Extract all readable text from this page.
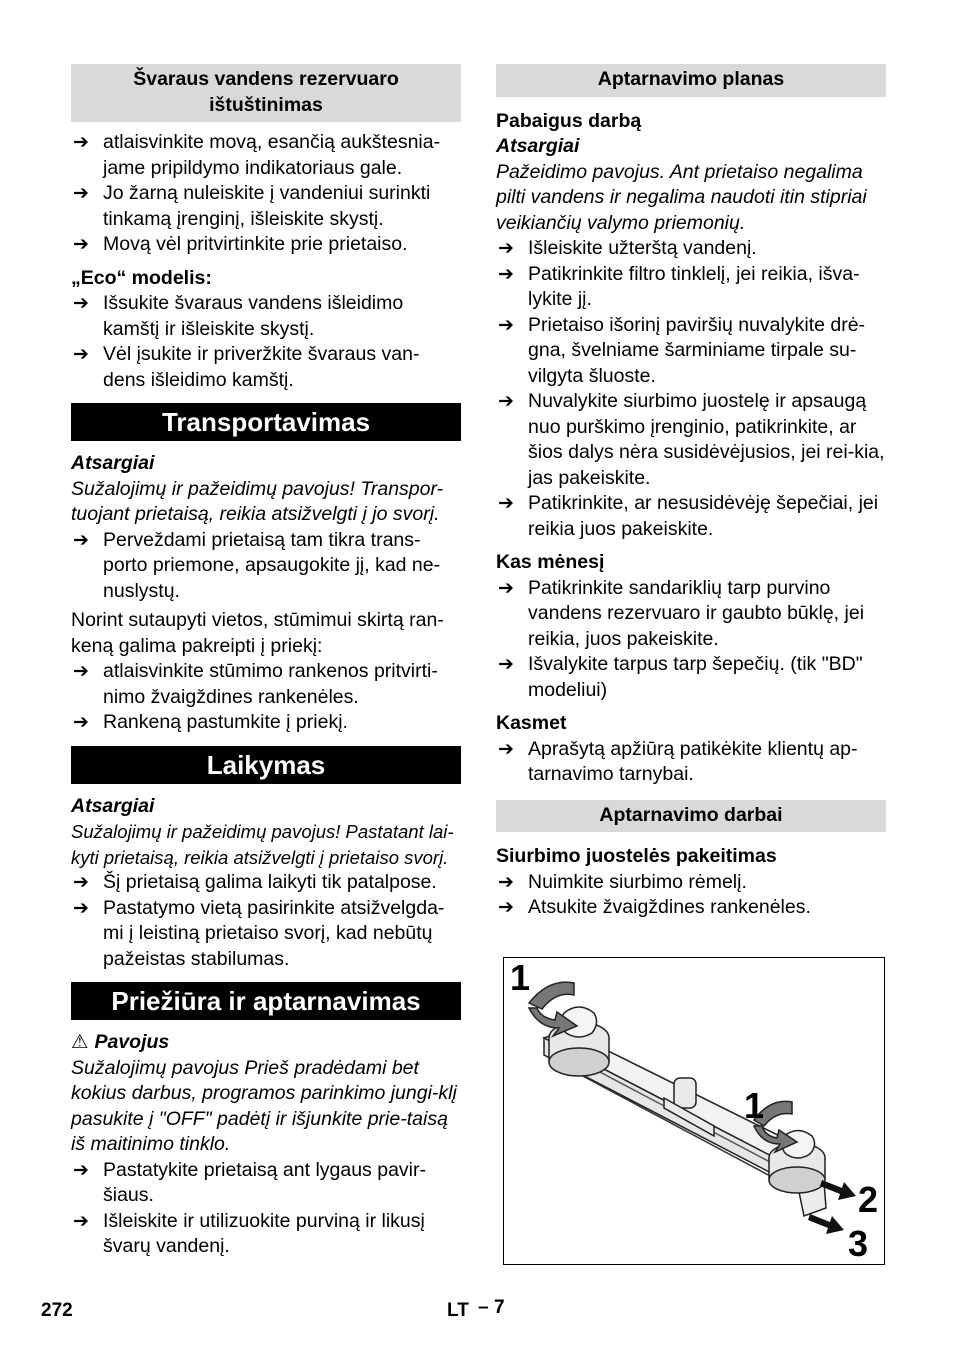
Švaraus vandens rezervuaro ištuštinimas
➔ atlaisvinkite movą, esančią aukštesnia-jame pripildymo indikatoriaus gale.
➔ Jo žarną nuleiskite į vandeniui surinkti tinkamą įrenginį, išleiskite skystį.
➔ Movą vėl pritvirtinkite prie prietaiso.
„Eco“ modelis:
➔ Išsukite švaraus vandens išleidimo kamštį ir išleiskite skystį.
➔ Vėl įsukite ir priveržkite švaraus van-dens išleidimo kamštį.
Transportavimas
Atsargiai

Sužalojimų ir pažeidimų pavojus! Transpor-tuojant prietaisą, reikia atsižvelgti į jo svorį.

➔ Perveždami prietaisą tam tikra trans-porto priemone, apsaugokite jį, kad ne-nuslystų.

Norint sutaupyti vietos, stūmimui skirtą ran-keną galima pakreipti į priekį:

➔ atlaisvinkite stūmimo rankenos pritvirti-nimo žvaigždines rankenėles.
➔ Rankeną pastumkite į priekį.
Laikymas
Atsargiai

Sužalojimų ir pažeidimų pavojus! Pastatant lai-kyti prietaisą, reikia atsižvelgti į prietaiso svorį.

➔ Šį prietaisą galima laikyti tik patalpose.
➔ Pastatymo vietą pasirinkite atsižvelgda-mi į leistiną prietaiso svorį, kad nebūtų pažeistas stabilumas.
Priežiūra ir aptarnavimas
⚠ Pavojus

Sužalojimų pavojus Prieš pradėdami bet kokius darbus, programos parinkimo jungi-klį pasukite į "OFF" padėtį ir išjunkite prie-taisą iš maitinimo tinklo.

➔ Pastatykite prietaisą ant lygaus pavir-šiaus.
➔ Išleiskite ir utilizuokite purviną ir likusį švarų vandenį.
Aptarnavimo planas
Pabaigus darbą
Atsargiai

Pažeidimo pavojus. Ant prietaiso negalima pilti vandens ir negalima naudoti itin stipriai veikiančių valymo priemonių.

➔ Išleiskite užterštą vandenį.
➔ Patikrinkite filtro tinklelį, jei reikia, išva-lykite jį.
➔ Prietaiso išorinį paviršių nuvalykite drė-gna, švelniame šarminiame tirpale su-vilgyta šluoste.
➔ Nuvalykite siurbimo juostelę ir apsaugą nuo purškimo įrenginio, patikrinkite, ar šios dalys nėra susidėvėjusios, jei rei-kia, jas pakeiskite.
➔ Patikrinkite, ar nesusidėvėję šepečiai, jei reikia juos pakeiskite.
Kas mėnesį
➔ Patikrinkite sandariklių tarp purvino vandens rezervuaro ir gaubto būklę, jei reikia, juos pakeiskite.
➔ Išvalykite tarpus tarp šepečių. (tik "BD" modeliui)
Kasmet
➔ Aprašytą apžiūrą patikėkite klientų ap-tarnavimo tarnybai.
Aptarnavimo darbai
Siurbimo juostelės pakeitimas
➔ Nuimkite siurbimo rėmelį.
➔ Atsukite žvaigždines rankenėles.
1
1
2
3
272	LT – 7
